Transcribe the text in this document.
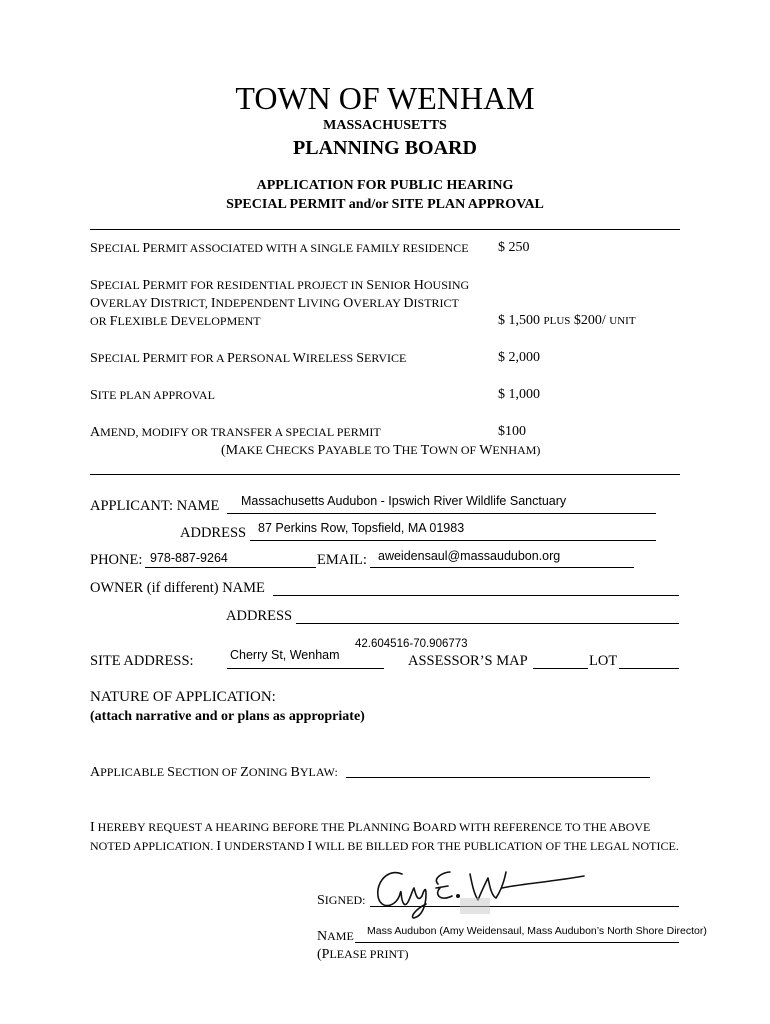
TOWN OF WENHAM
MASSACHUSETTS
PLANNING BOARD
APPLICATION FOR PUBLIC HEARING
SPECIAL PERMIT and/or SITE PLAN APPROVAL
SPECIAL PERMIT ASSOCIATED WITH A SINGLE FAMILY RESIDENCE $ 250
SPECIAL PERMIT FOR RESIDENTIAL PROJECT IN SENIOR HOUSING
OVERLAY DISTRICT, INDEPENDENT LIVING OVERLAY DISTRICT
OR FLEXIBLE DEVELOPMENT	$ 1,500 PLUS $200/ UNIT
SPECIAL PERMIT FOR A PERSONAL WIRELESS SERVICE	$ 2,000
SITE PLAN APPROVAL	$ 1,000
AMEND, MODIFY OR TRANSFER A SPECIAL PERMIT	$100
(MAKE CHECKS PAYABLE TO THE TOWN OF WENHAM)
APPLICANT: NAME Massachusetts Audubon - Ipswich River Wildlife Sanctuary
ADDRESS 87 Perkins Row, Topsfield, MA 01983
PHONE: 978-887-9264	EMAIL: aweidensaul@massaudubon.org
OWNER (if different) NAME
ADDRESS
42.604516-70.906773
SITE ADDRESS:	Cherry St, Wenham	ASSESSOR’S MAP	LOT
NATURE OF APPLICATION:
(attach narrative and or plans as appropriate)
APPLICABLE SECTION OF ZONING BYLAW:
I HEREBY REQUEST A HEARING BEFORE THE PLANNING BOARD WITH REFERENCE TO THE ABOVE
NOTED APPLICATION. I UNDERSTAND I WILL BE BILLED FOR THE PUBLICATION OF THE LEGAL NOTICE.
SIGNED:
NAME Mass Audubon (Amy Weidensaul, Mass Audubon’s North Shore Director)
(PLEASE PRINT)
